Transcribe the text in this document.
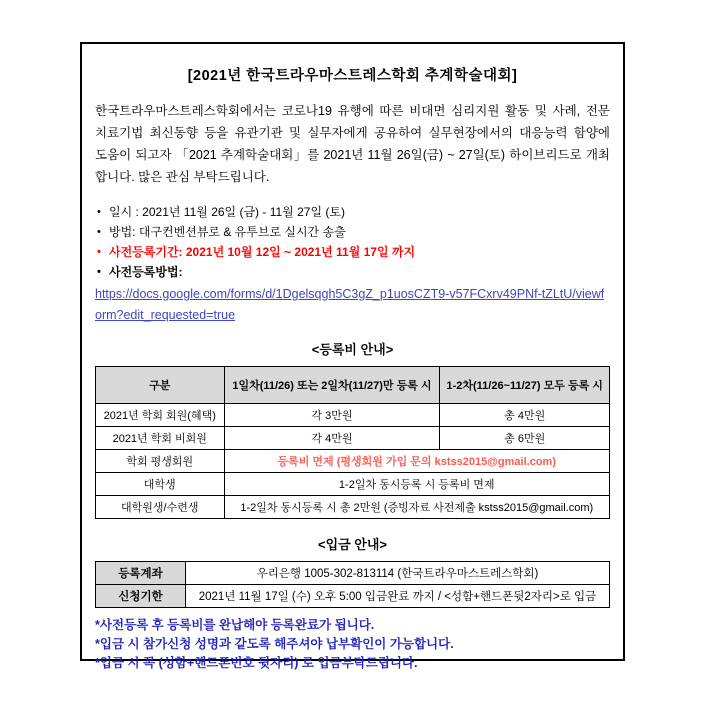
[2021년 한국트라우마스트레스학회 추계학술대회]
한국트라우마스트레스학회에서는 코로나19 유행에 따른 비대면 심리지원 활동 및 사례, 전문 치료기법 최신동향 등을 유관기관 및 실무자에게 공유하여 실무현장에서의 대응능력 함양에 도움이 되고자 「2021 추계학술대회」를 2021년 11월 26일(금) ~ 27일(토) 하이브리드로 개최 합니다. 많은 관심 부탁드립니다.
• 일시 : 2021년 11월 26일 (금) - 11월 27일 (토)
• 방법: 대구컨벤션뷰로 & 유투브로 실시간 송출
• 사전등록기간: 2021년 10월 12일 ~ 2021년 11월 17일 까지
• 사전등록방법:
https://docs.google.com/forms/d/1Dgelsqgh5C3gZ_p1uosCZT9-v57FCxrv49PNf-tZLtU/viewform?edit_requested=true
<등록비 안내>
구분	1일차(11/26) 또는 2일차(11/27)만 등록 시	1-2차(11/26~11/27) 모두 등록 시
2021년 학회 회원(혜택)	각 3만원	총 4만원
2021년 학회 비회원	각 4만원	총 6만원
학회 평생회원	등록비 면제 (평생회원 가입 문의 kstss2015@gmail.com)	
대학생	1-2일차 동시등록 시 등록비 면제	
대학원생/수련생	1-2일차 동시등록 시 총 2만원 (증빙자료 사전제출 kstss2015@gmail.com)	
<입금 안내>
등록계좌	우리은행 1005-302-813114 (한국트라우마스트레스학회)
신청기한	2021년 11월 17일 (수) 오후 5:00 입금완료 까지 / <성함+핸드폰뒷2자리>로 입금
*사전등록 후 등록비를 완납해야 등록완료가 됩니다.
*입금 시 참가신청 성명과 같도록 해주셔야 납부확인이 가능합니다.
*입금 시 꼭 (성함+핸드폰번호 뒷자리) 로 입금부탁드립니다.
